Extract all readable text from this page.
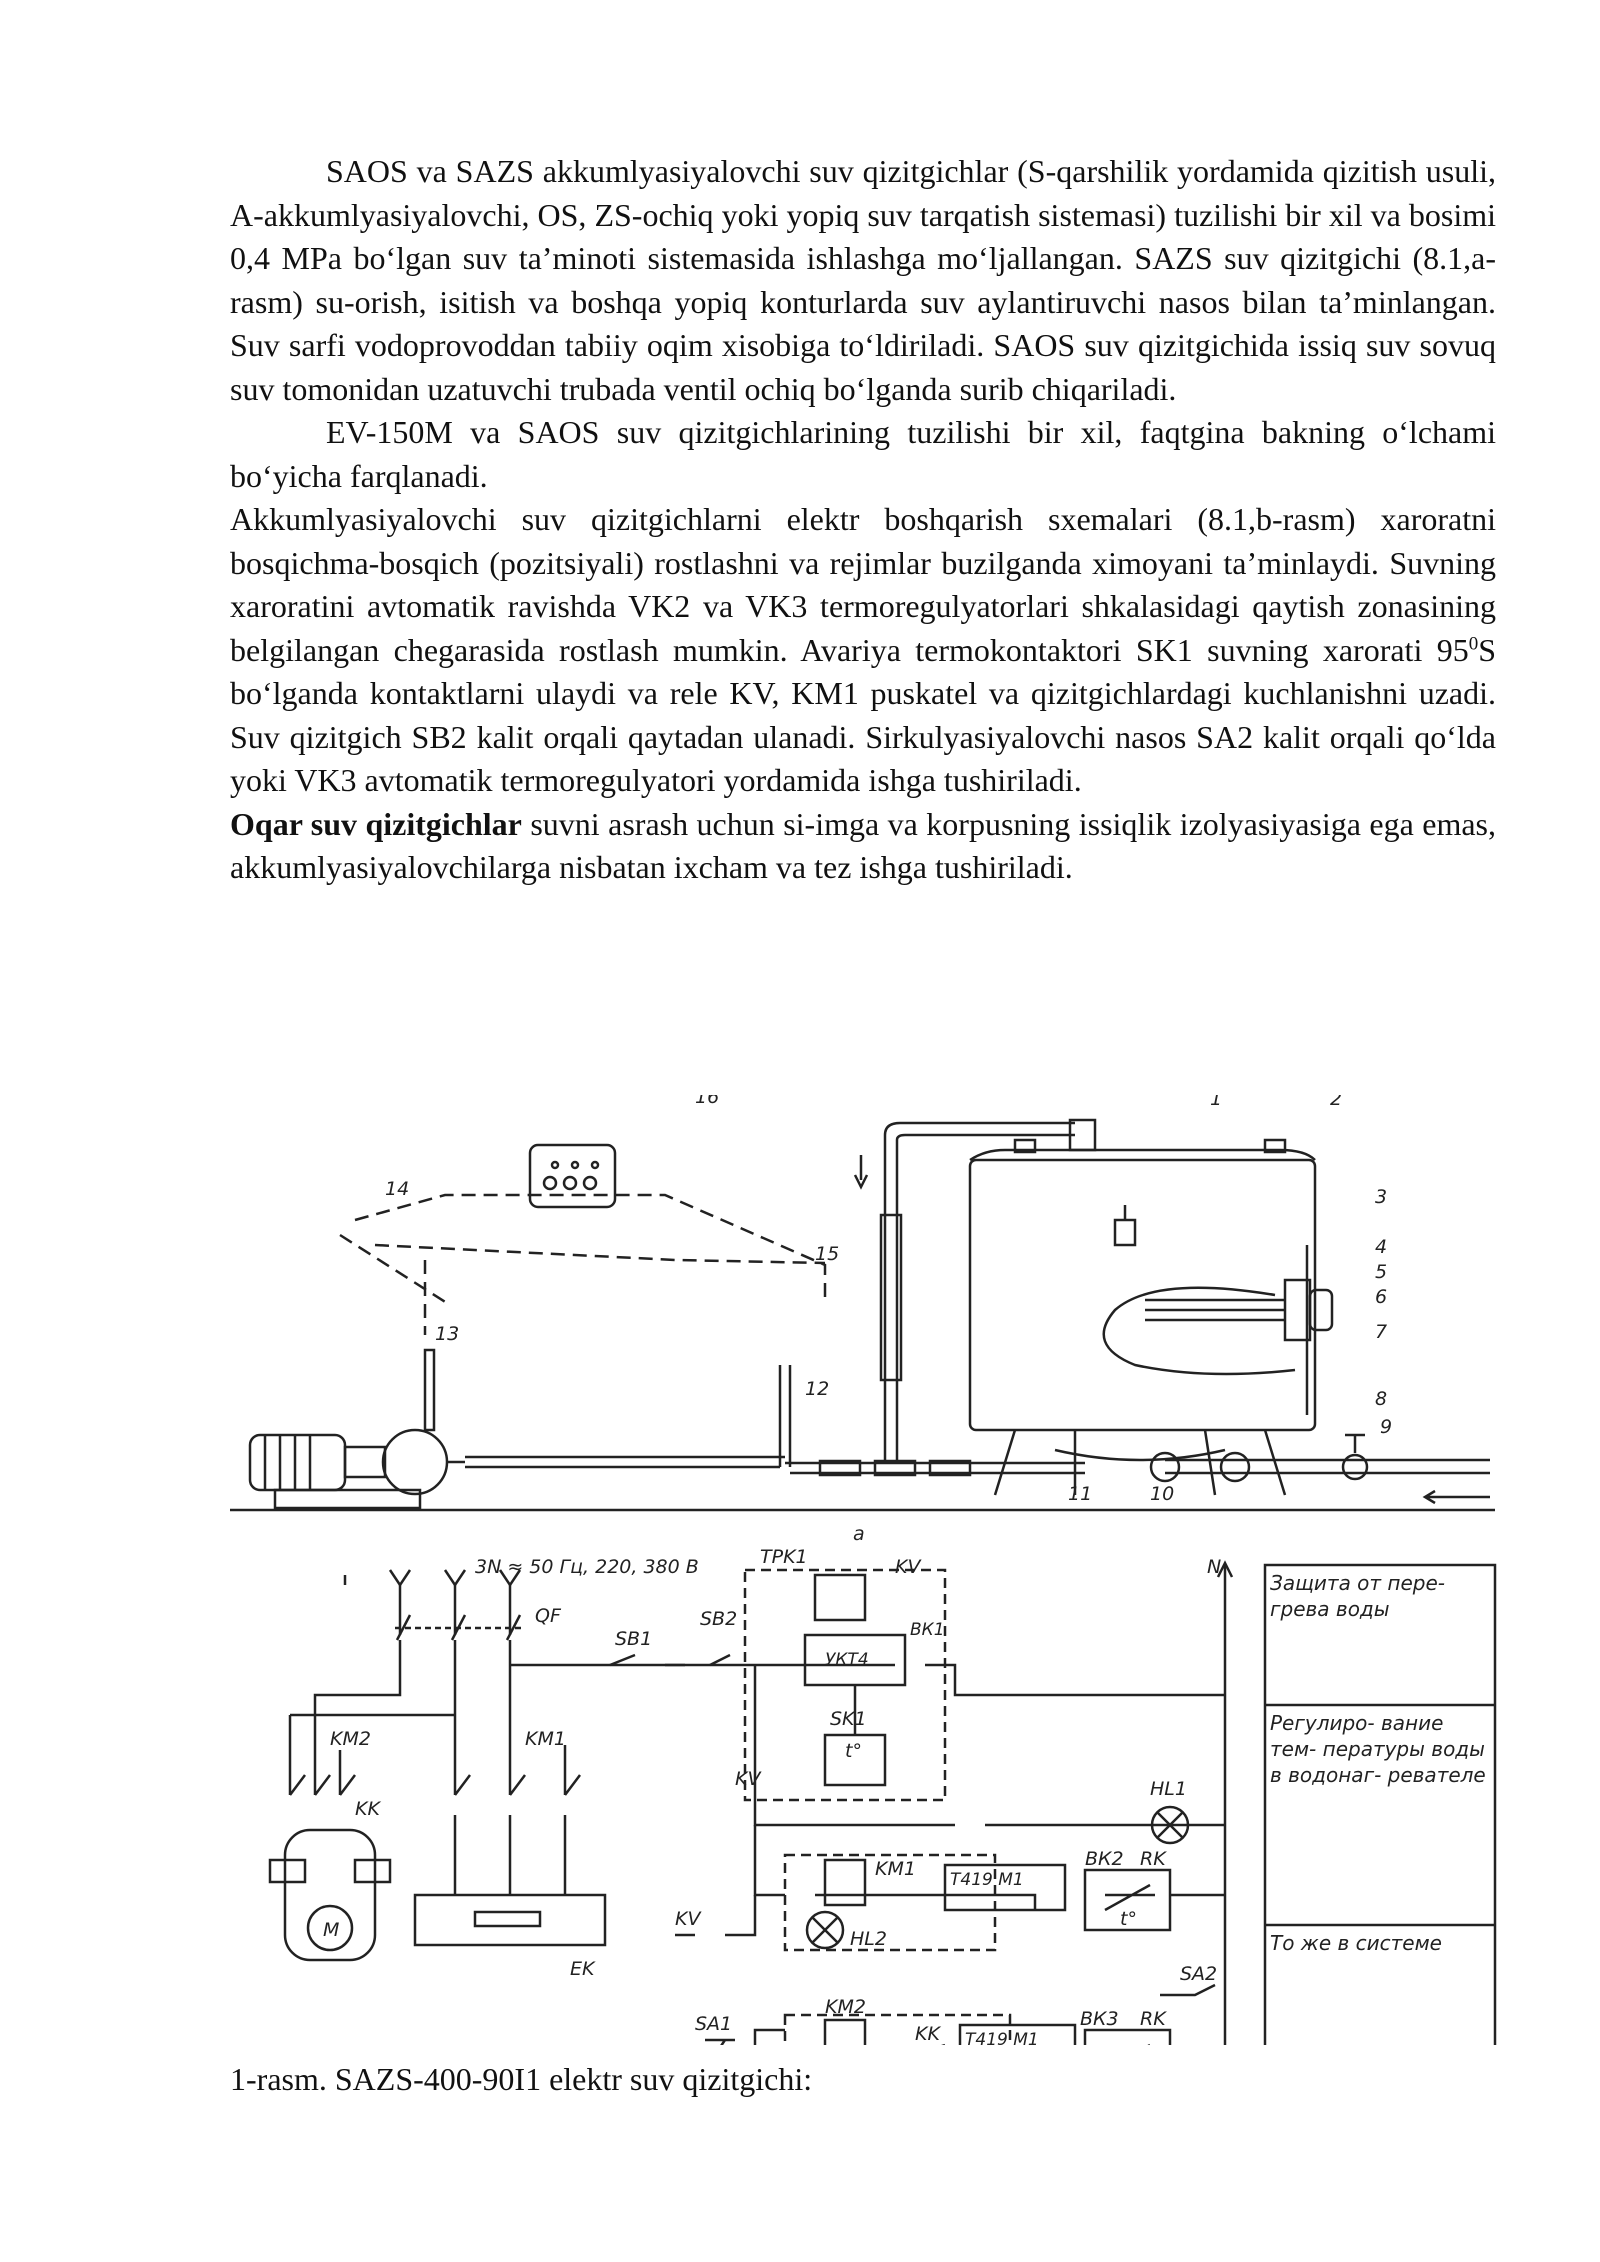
SAOS va SAZS akkumlyasiyalovchi suv qizitgichlar (S-qarshilik yordamida qizitish usuli, A-akkumlyasiyalovchi, OS, ZS-ochiq yoki yopiq suv tarqatish sistemasi) tuzilishi bir xil va bosimi 0,4 MPa bo‘lgan suv ta’minoti sistemasida ishlashga mo‘ljallangan. SAZS suv qizitgichi (8.1,a-rasm) su-orish, isitish va boshqa yopiq konturlarda suv aylantiruvchi nasos bilan ta’minlangan. Suv sarfi vodoprovoddan tabiiy oqim xisobiga to‘ldiriladi. SAOS suv qizitgichida issiq suv sovuq suv tomonidan uzatuvchi trubada ventil ochiq bo‘lganda surib chiqariladi.

EV-150M va SAOS suv qizitgichlarining tuzilishi bir xil, faqtgina bakning o‘lchami bo‘yicha farqlanadi.

Akkumlyasiyalovchi suv qizitgichlarni elektr boshqarish sxemalari (8.1,b-rasm) xaroratni bosqichma-bosqich (pozitsiyali) rostlashni va rejimlar buzilganda ximoyani ta’minlaydi. Suvning xaroratini avtomatik ravishda VK2 va VK3 termoregulyatorlari shkalasidagi qaytish zonasining belgilangan chegarasida rostlash mumkin. Avariya termokontaktori SK1 suvning xarorati $95^0S$ bo‘lganda kontaktlarni ulaydi va rele KV, KM1 puskatel va qizitgichlardagi kuchlanishni uzadi. Suv qizitgich SB2 kalit orqali qaytadan ulanadi. Sirkulyasiyalovchi nasos SA2 kalit orqali qo‘lda yoki VK3 avtomatik termoregulyatori yordamida ishga tushiriladi.

Oqar suv qizitgichlar suvni asrash uchun si-imga va korpusning issiqlik izolyasiyasiga ega emas, akkumlyasiyalovchilarga nisbatan ixcham va tez ishga tushiriladi.

16
14
15
13
12
1	2
3
4
5
6
7
8
9
10
11
a
3N ≈ 50 Гц, 220, 380 В
QF
N
SB1
SB2
TPK1	KV
ВК1
УКТ4
SK1
t°
KV	HL1
KM2	KM1
KK
KM1 T419 M1
ВК2 RK
t°
KV
HL2
EK
M
SA1
KM2
KK T419 M1
ВК3 RK
SA2
Защита от пере- грева воды
Регулиро- вание тем- пературы воды в водонаг- ревателе
То же в системе
1-rasm. SAZS-400-90I1 elektr suv qizitgichi:
